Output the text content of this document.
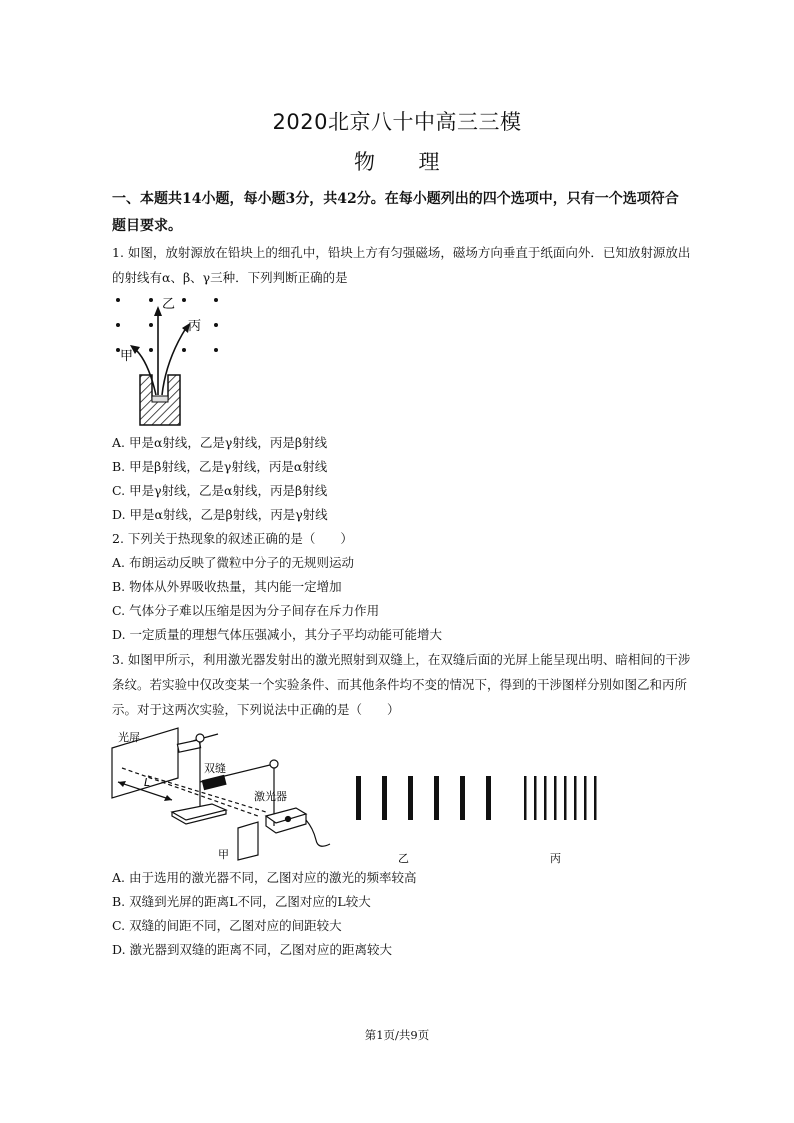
2020北京八十中高三三模
物　　理
一、本题共14小题，每小题3分，共42分。在每小题列出的四个选项中，只有一个选项符合题目要求。
1. 如图，放射源放在铅块上的细孔中，铅块上方有匀强磁场，磁场方向垂直于纸面向外．已知放射源放出的射线有α、β、γ三种．下列判断正确的是
乙
丙
甲
A. 甲是α射线，乙是γ射线，丙是β射线
B. 甲是β射线，乙是γ射线，丙是α射线
C. 甲是γ射线，乙是α射线，丙是β射线
D. 甲是α射线，乙是β射线，丙是γ射线
2. 下列关于热现象的叙述正确的是（　　）
A. 布朗运动反映了微粒中分子的无规则运动
B. 物体从外界吸收热量，其内能一定增加
C. 气体分子难以压缩是因为分子间存在斥力作用
D. 一定质量的理想气体压强减小，其分子平均动能可能增大
3. 如图甲所示，利用激光器发射出的激光照射到双缝上，在双缝后面的光屏上能呈现出明、暗相间的干涉条纹。若实验中仅改变某一个实验条件、而其他条件均不变的情况下，得到的干涉图样分别如图乙和丙所示。对于这两次实验，下列说法中正确的是（　　）
光屏
双缝
激光器
L
甲	乙	丙
A. 由于选用的激光器不同，乙图对应的激光的频率较高
B. 双缝到光屏的距离L不同，乙图对应的L较大
C. 双缝的间距不同，乙图对应的间距较大
D. 激光器到双缝的距离不同，乙图对应的距离较大
第1页/共9页
